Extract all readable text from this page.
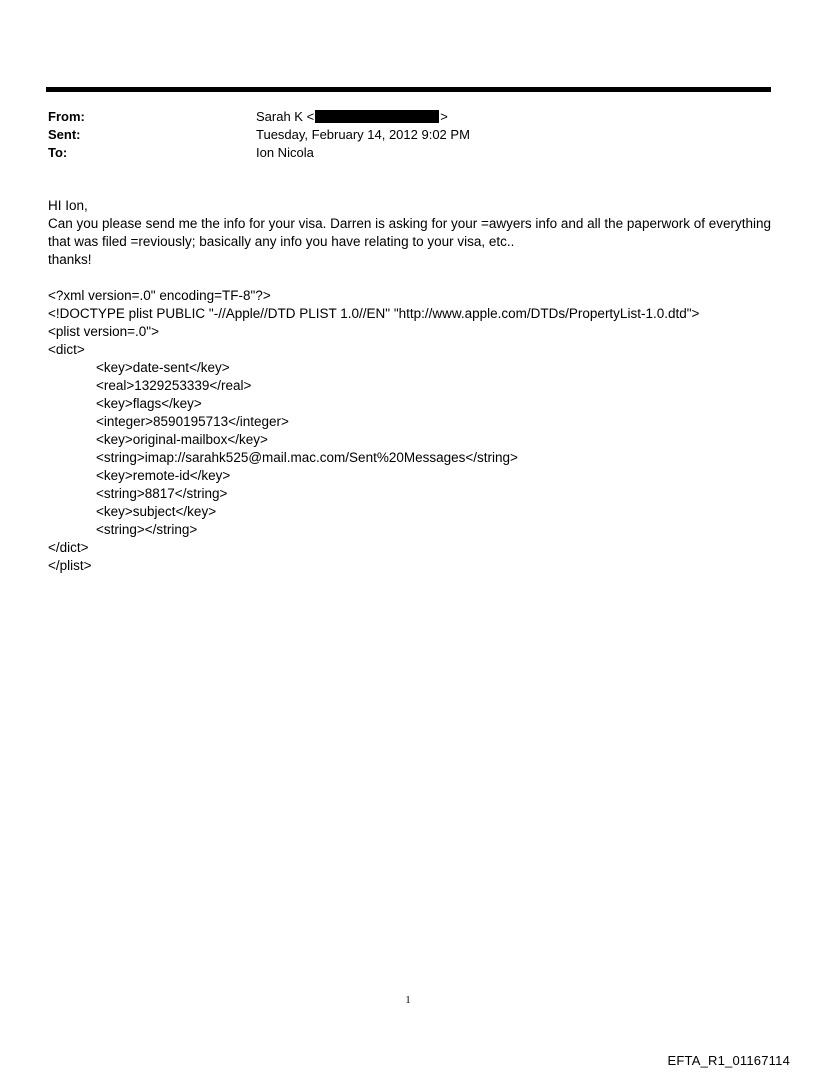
From:	Sarah K <	>
Sent:	Tuesday, February 14, 2012 9:02 PM
To:	Ion Nicola

HI Ion,

Can you please send me the info for your visa. Darren is asking for your =awyers info and all the paperwork of everything

that was filed =reviously; basically any info you have relating to your visa, etc..

thanks!

<?xml version=.0" encoding=TF-8"?>
<!DOCTYPE plist PUBLIC "-//Apple//DTD PLIST 1.0//EN" "http://www.apple.com/DTDs/PropertyList-1.0.dtd">
<plist version=.0">
<dict>
<key>date-sent</key>
<real>1329253339</real>
<key>flags</key>
<integer>8590195713</integer>
<key>original-mailbox</key>
<string>imap://sarahk525@mail.mac.com/Sent%20Messages</string>
<key>remote-id</key>
<string>8817</string>
<key>subject</key>
<string></string>
</dict>
</plist>
1
EFTA_R1_01167114
